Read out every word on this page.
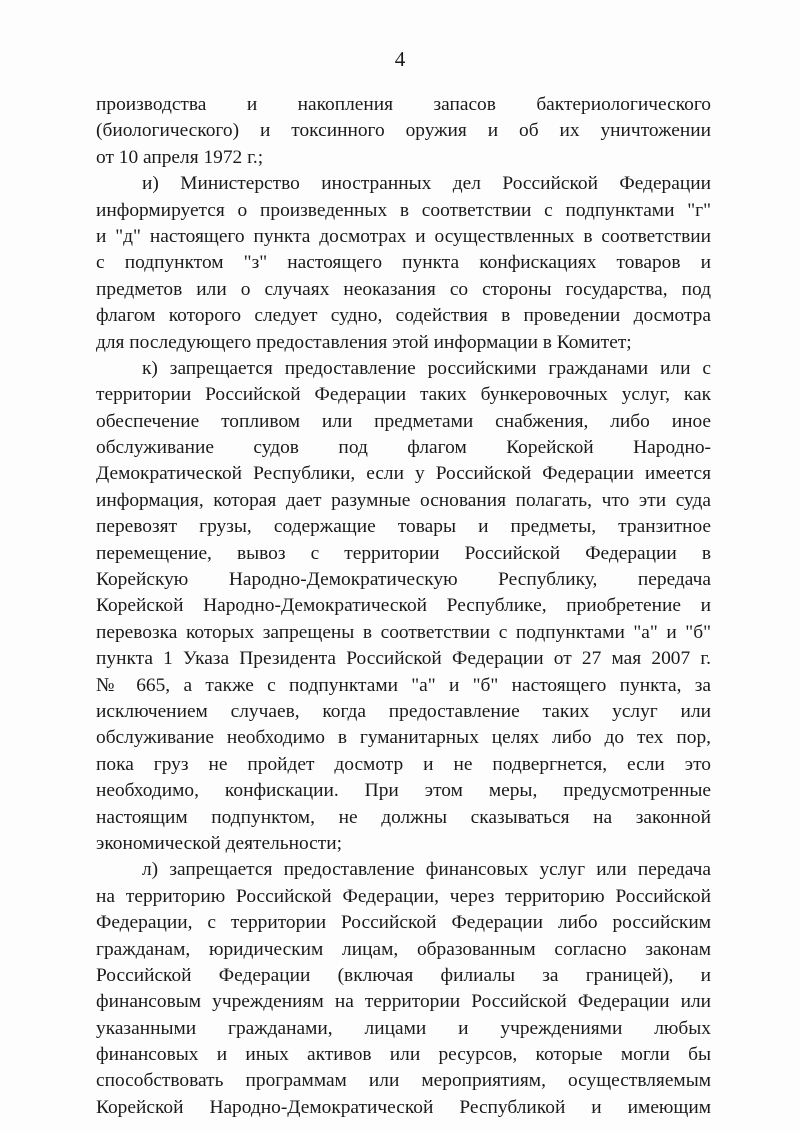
4
производства и накопления запасов бактериологического
(биологического) и токсинного оружия и об их уничтожении
от 10 апреля 1972 г.;
и) Министерство иностранных дел Российской Федерации
информируется о произведенных в соответствии с подпунктами "г"
и "д" настоящего пункта досмотрах и осуществленных в соответствии
с подпунктом "з" настоящего пункта конфискациях товаров и
предметов или о случаях неоказания со стороны государства, под
флагом которого следует судно, содействия в проведении досмотра
для последующего предоставления этой информации в Комитет;
к) запрещается предоставление российскими гражданами или с
территории Российской Федерации таких бункеровочных услуг, как
обеспечение топливом или предметами снабжения, либо иное
обслуживание судов под флагом Корейской Народно-
Демократической Республики, если у Российской Федерации имеется
информация, которая дает разумные основания полагать, что эти суда
перевозят грузы, содержащие товары и предметы, транзитное
перемещение, вывоз с территории Российской Федерации в
Корейскую Народно-Демократическую Республику, передача
Корейской Народно-Демократической Республике, приобретение и
перевозка которых запрещены в соответствии с подпунктами "а" и "б"
пункта 1 Указа Президента Российской Федерации от 27 мая 2007 г.
№ 665, а также с подпунктами "а" и "б" настоящего пункта, за
исключением случаев, когда предоставление таких услуг или
обслуживание необходимо в гуманитарных целях либо до тех пор,
пока груз не пройдет досмотр и не подвергнется, если это
необходимо, конфискации. При этом меры, предусмотренные
настоящим подпунктом, не должны сказываться на законной
экономической деятельности;
л) запрещается предоставление финансовых услуг или передача
на территорию Российской Федерации, через территорию Российской
Федерации, с территории Российской Федерации либо российским
гражданам, юридическим лицам, образованным согласно законам
Российской Федерации (включая филиалы за границей), и
финансовым учреждениям на территории Российской Федерации или
указанными гражданами, лицами и учреждениями любых
финансовых и иных активов или ресурсов, которые могли бы
способствовать программам или мероприятиям, осуществляемым
Корейской Народно-Демократической Республикой и имеющим
